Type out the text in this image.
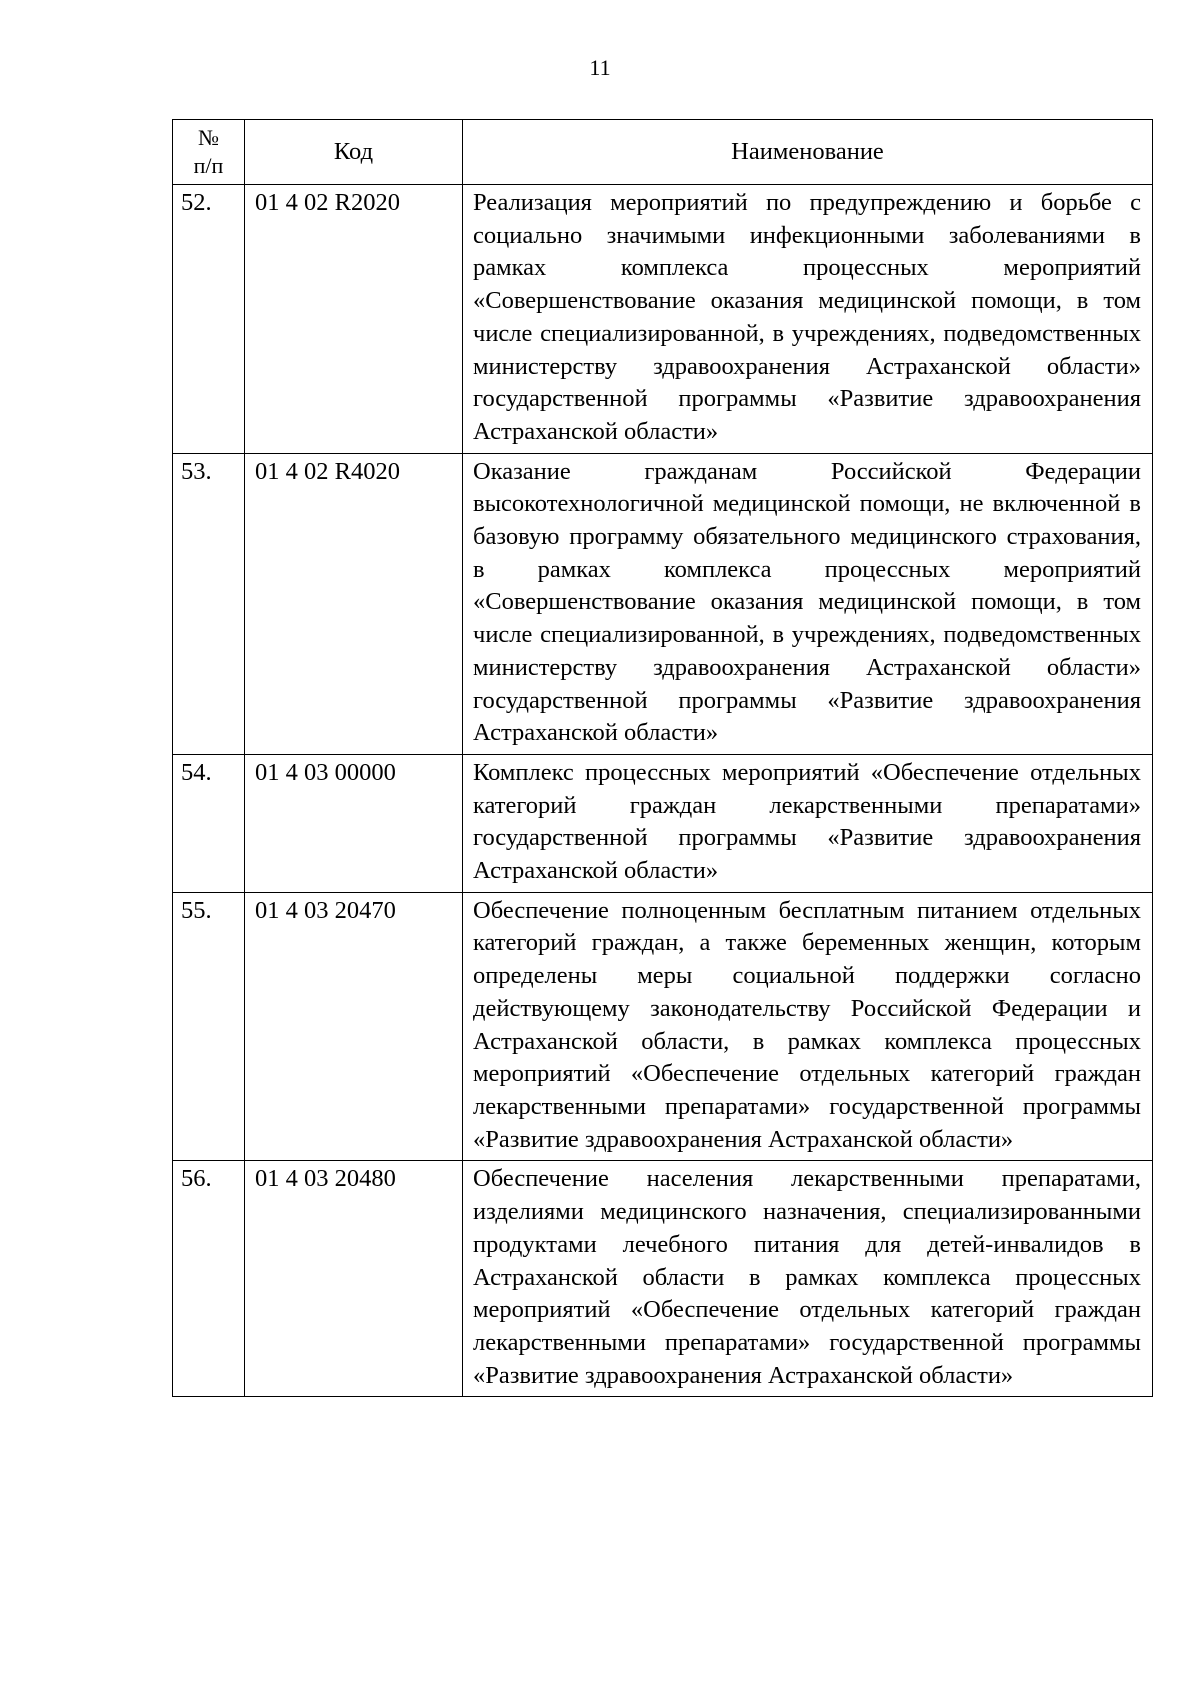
11
№
п/п	Код	Наименование
52.	01 4 02 R2020	Реализация мероприятий по предупреждению и борьбе с социально значимыми инфекционными заболеваниями в рамках комплекса процессных мероприятий «Совершенствование оказания медицинской помощи, в том числе специализированной, в учреждениях, подведомственных министерству здравоохранения Астраханской области» государственной программы «Развитие здравоохранения Астраханской области»
53.	01 4 02 R4020	Оказание гражданам Российской Федерации высокотехнологичной медицинской помощи, не включенной в базовую программу обязательного медицинского страхования, в рамках комплекса процессных мероприятий «Совершенствование оказания медицинской помощи, в том числе специализированной, в учреждениях, подведомственных министерству здравоохранения Астраханской области» государственной программы «Развитие здравоохранения Астраханской области»
54.	01 4 03 00000	Комплекс процессных мероприятий «Обеспечение отдельных категорий граждан лекарственными препаратами» государственной программы «Развитие здравоохранения Астраханской области»
55.	01 4 03 20470	Обеспечение полноценным бесплатным питанием отдельных категорий граждан, а также беременных женщин, которым определены меры социальной поддержки согласно действующему законодательству Российской Федерации и Астраханской области, в рамках комплекса процессных мероприятий «Обеспечение отдельных категорий граждан лекарственными препаратами» государственной программы «Развитие здравоохранения Астраханской области»
56.	01 4 03 20480	Обеспечение населения лекарственными препаратами, изделиями медицинского назначения, специализированными продуктами лечебного питания для детей-инвалидов в Астраханской области в рамках комплекса процессных мероприятий «Обеспечение отдельных категорий граждан лекарственными препаратами» государственной программы «Развитие здравоохранения Астраханской области»
